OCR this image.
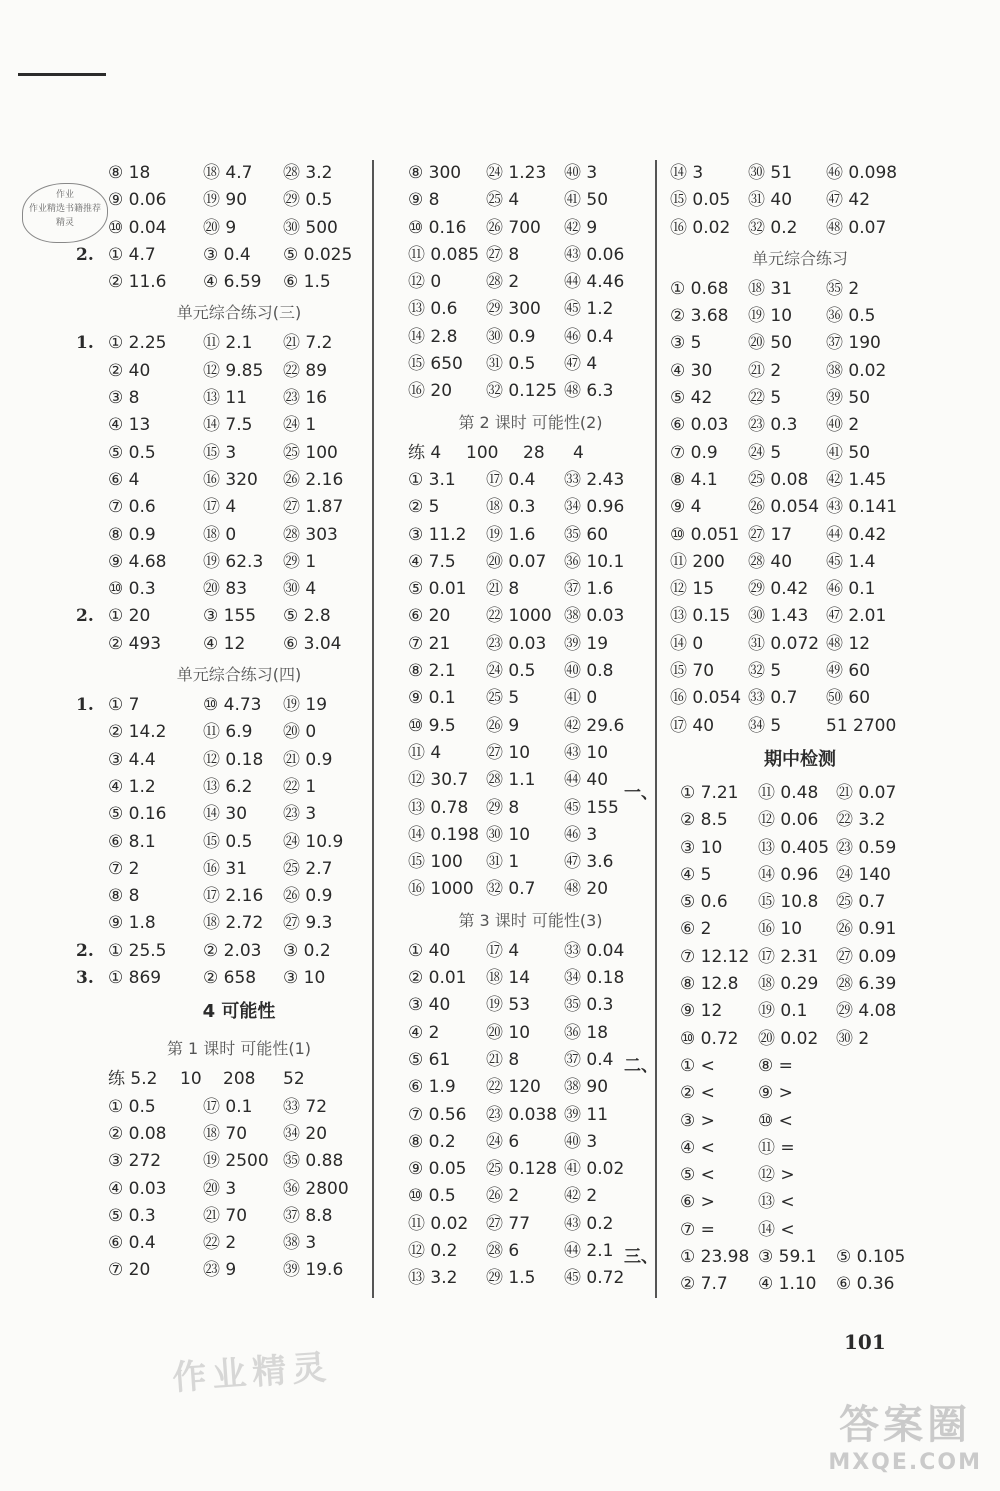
作业
作业精选书籍推荐
精灵
⑧ 18	⑱ 4.7 ㉘ 3.2
⑨ 0.06 ⑲ 90 ㉙ 0.5
⑩ 0.04 ⑳ 9	㉚ 500
2. ① 4.7	③ 0.4 ⑤ 0.025
② 11.6 ④ 6.59 ⑥ 1.5
单元综合练习(三)
1. ① 2.25 ⑪ 2.1 ㉑ 7.2
② 40	⑫ 9.85 ㉒ 89
③ 8	⑬ 11 ㉓ 16
④ 13	⑭ 7.5 ㉔ 1
⑤ 0.5	⑮ 3	㉕ 100
⑥ 4	⑯ 320 ㉖ 2.16
⑦ 0.6	⑰ 4	㉗ 1.87
⑧ 0.9	⑱ 0	㉘ 303
⑨ 4.68 ⑲ 62.3 ㉙ 1
⑩ 0.3	⑳ 83 ㉚ 4
2. ① 20	③ 155 ⑤ 2.8
② 493 ④ 12 ⑥ 3.04
单元综合练习(四)
1. ① 7	⑩ 4.73 ⑲ 19
② 14.2 ⑪ 6.9 ⑳ 0
③ 4.4	⑫ 0.18 ㉑ 0.9
④ 1.2	⑬ 6.2 ㉒ 1
⑤ 0.16 ⑭ 30 ㉓ 3
⑥ 8.1	⑮ 0.5 ㉔ 10.9
⑦ 2	⑯ 31 ㉕ 2.7
⑧ 8	⑰ 2.16 ㉖ 0.9
⑨ 1.8	⑱ 2.72 ㉗ 9.3
2. ① 25.5 ② 2.03 ③ 0.2
3. ① 869 ② 658 ③ 10
4 可能性
第 1 课时 可能性(1)
练 5.2 10 208 52
① 0.5	⑰ 0.1 ㉝ 72
② 0.08 ⑱ 70 ㉞ 20
③ 272 ⑲ 2500 ㉟ 0.88
④ 0.03 ⑳ 3	㊱ 2800
⑤ 0.3	㉑ 70 ㊲ 8.8
⑥ 0.4	㉒ 2	㊳ 3
⑦ 20	㉓ 9	㊴ 19.6
⑧ 300 ㉔ 1.23 ㊵ 3
⑨ 8	㉕ 4	㊶ 50
⑩ 0.16 ㉖ 700 ㊷ 9
⑪ 0.085 ㉗ 8	㊸ 0.06
⑫ 0	㉘ 2	㊹ 4.46
⑬ 0.6 ㉙ 300 ㊺ 1.2
⑭ 2.8 ㉚ 0.9 ㊻ 0.4
⑮ 650 ㉛ 0.5 ㊼ 4
⑯ 20 ㉜ 0.125 ㊽ 6.3
第 2 课时 可能性(2)
练 4 100 28 4
① 3.1 ⑰ 0.4 ㉝ 2.43
② 5	⑱ 0.3 ㉞ 0.96
③ 11.2 ⑲ 1.6 ㉟ 60
④ 7.5 ⑳ 0.07 ㊱ 10.1
⑤ 0.01 ㉑ 8	㊲ 1.6
⑥ 20 ㉒ 1000 ㊳ 0.03
⑦ 21 ㉓ 0.03 ㊴ 19
⑧ 2.1 ㉔ 0.5 ㊵ 0.8
⑨ 0.1 ㉕ 5	㊶ 0
⑩ 9.5 ㉖ 9	㊷ 29.6
⑪ 4	㉗ 10 ㊸ 10
⑫ 30.7 ㉘ 1.1 ㊹ 40
⑬ 0.78 ㉙ 8	㊺ 155
⑭ 0.198 ㉚ 10 ㊻ 3
⑮ 100 ㉛ 1	㊼ 3.6
⑯ 1000 ㉜ 0.7 ㊽ 20
第 3 课时 可能性(3)
① 40 ⑰ 4	㉝ 0.04
② 0.01 ⑱ 14 ㉞ 0.18
③ 40 ⑲ 53 ㉟ 0.3
④ 2	⑳ 10 ㊱ 18
⑤ 61 ㉑ 8	㊲ 0.4
⑥ 1.9 ㉒ 120 ㊳ 90
⑦ 0.56 ㉓ 0.038 ㊴ 11
⑧ 0.2 ㉔ 6	㊵ 3
⑨ 0.05 ㉕ 0.128 ㊶ 0.02
⑩ 0.5 ㉖ 2	㊷ 2
⑪ 0.02 ㉗ 77 ㊸ 0.2
⑫ 0.2 ㉘ 6	㊹ 2.1
⑬ 3.2 ㉙ 1.5 ㊺ 0.72
⑭ 3	㉚ 51 ㊻ 0.098
⑮ 0.05 ㉛ 40 ㊼ 42
⑯ 0.02 ㉜ 0.2 ㊽ 0.07
单元综合练习
① 0.68 ⑱ 31 ㉟ 2
② 3.68 ⑲ 10 ㊱ 0.5
③ 5	⑳ 50 ㊲ 190
④ 30 ㉑ 2	㊳ 0.02
⑤ 42 ㉒ 5	㊴ 50
⑥ 0.03 ㉓ 0.3 ㊵ 2
⑦ 0.9 ㉔ 5	㊶ 50
⑧ 4.1 ㉕ 0.08 ㊷ 1.45
⑨ 4	㉖ 0.054 ㊸ 0.141
⑩ 0.051 ㉗ 17 ㊹ 0.42
⑪ 200 ㉘ 40 ㊺ 1.4
⑫ 15 ㉙ 0.42 ㊻ 0.1
⑬ 0.15 ㉚ 1.43 ㊼ 2.01
⑭ 0	㉛ 0.072 ㊽ 12
⑮ 70 ㉜ 5	㊾ 60
⑯ 0.054 ㉝ 0.7 ㊿ 60
⑰ 40 ㉞ 5	51 2700
期中检测
一、 ① 7.21 ⑪ 0.48 ㉑ 0.07
② 8.5 ⑫ 0.06 ㉒ 3.2
③ 10 ⑬ 0.405 ㉓ 0.59
④ 5	⑭ 0.96 ㉔ 140
⑤ 0.6 ⑮ 10.8 ㉕ 0.7
⑥ 2	⑯ 10 ㉖ 0.91
⑦ 12.12 ⑰ 2.31 ㉗ 0.09
⑧ 12.8 ⑱ 0.29 ㉘ 6.39
⑨ 12 ⑲ 0.1 ㉙ 4.08
⑩ 0.72 ⑳ 0.02 ㉚ 2
二、 ① <	⑧ =
② <	⑨ >
③ >	⑩ <
④ <	⑪ =
⑤ <	⑫ >
⑥ >	⑬ <
⑦ =	⑭ <
三、 ① 23.98 ③ 59.1 ⑤ 0.105
② 7.7 ④ 1.10 ⑥ 0.36
101
作业精灵
答案圈
MXQE.COM
